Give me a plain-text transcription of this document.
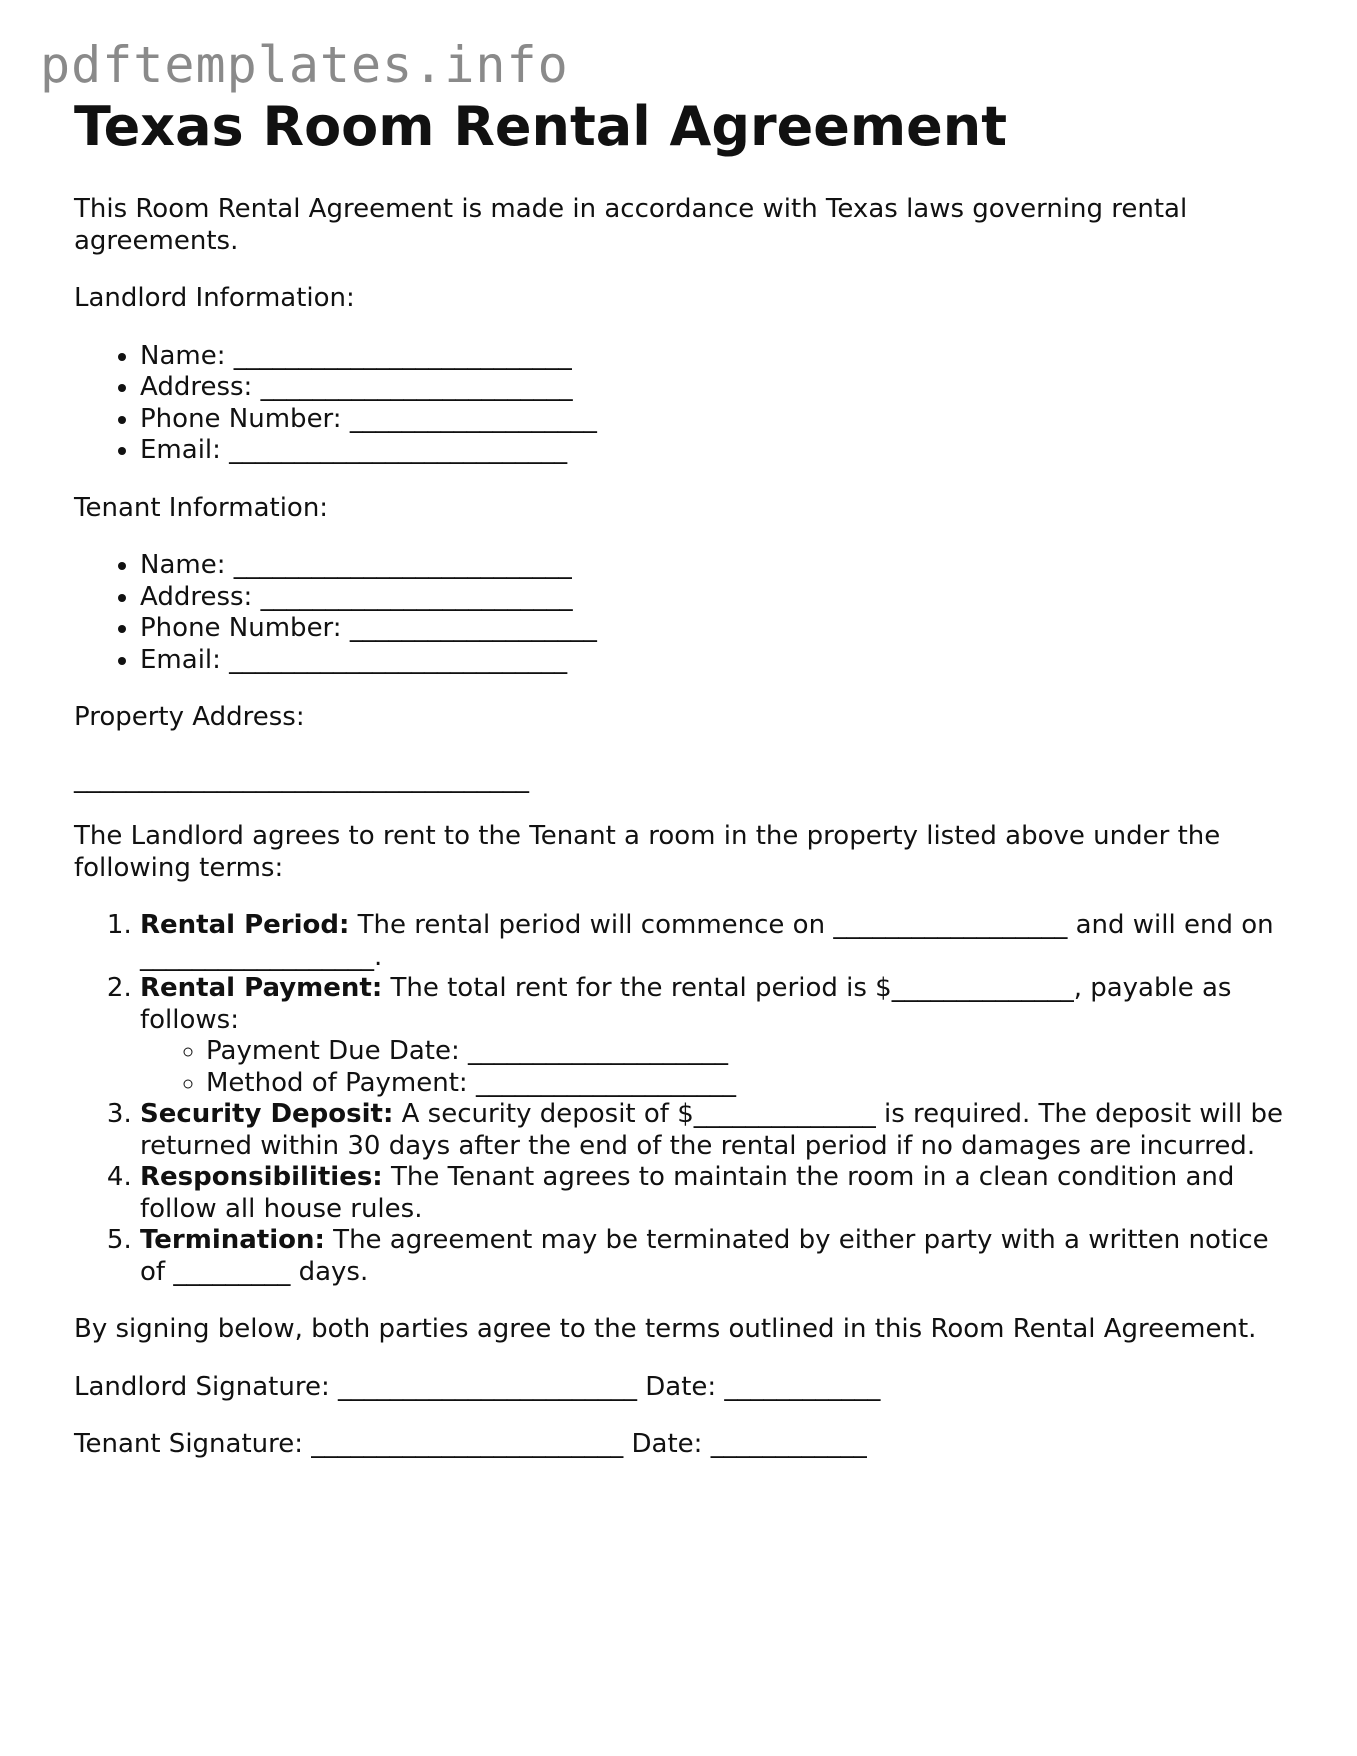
pdftemplates.info
Texas Room Rental Agreement

This Room Rental Agreement is made in accordance with Texas laws governing rental agreements.

Landlord Information:

• Name: __________________________
• Address: ________________________
• Phone Number: ___________________
• Email: __________________________

Tenant Information:

• Name: __________________________
• Address: ________________________
• Phone Number: ___________________
• Email: __________________________

Property Address:

___________________________________

The Landlord agrees to rent to the Tenant a room in the property listed above under the following terms:

1. Rental Period: The rental period will commence on __________________ and will end on __________________.
2. Rental Payment: The total rent for the rental period is $______________, payable as follows:
◦ Payment Due Date: ____________________
◦ Method of Payment: ____________________
3. Security Deposit: A security deposit of $______________ is required. The deposit will be returned within 30 days after the end of the rental period if no damages are incurred.
4. Responsibilities: The Tenant agrees to maintain the room in a clean condition and follow all house rules.
5. Termination: The agreement may be terminated by either party with a written notice of _________ days.

By signing below, both parties agree to the terms outlined in this Room Rental Agreement.

Landlord Signature: _______________________ Date: ____________

Tenant Signature: ________________________ Date: ____________
